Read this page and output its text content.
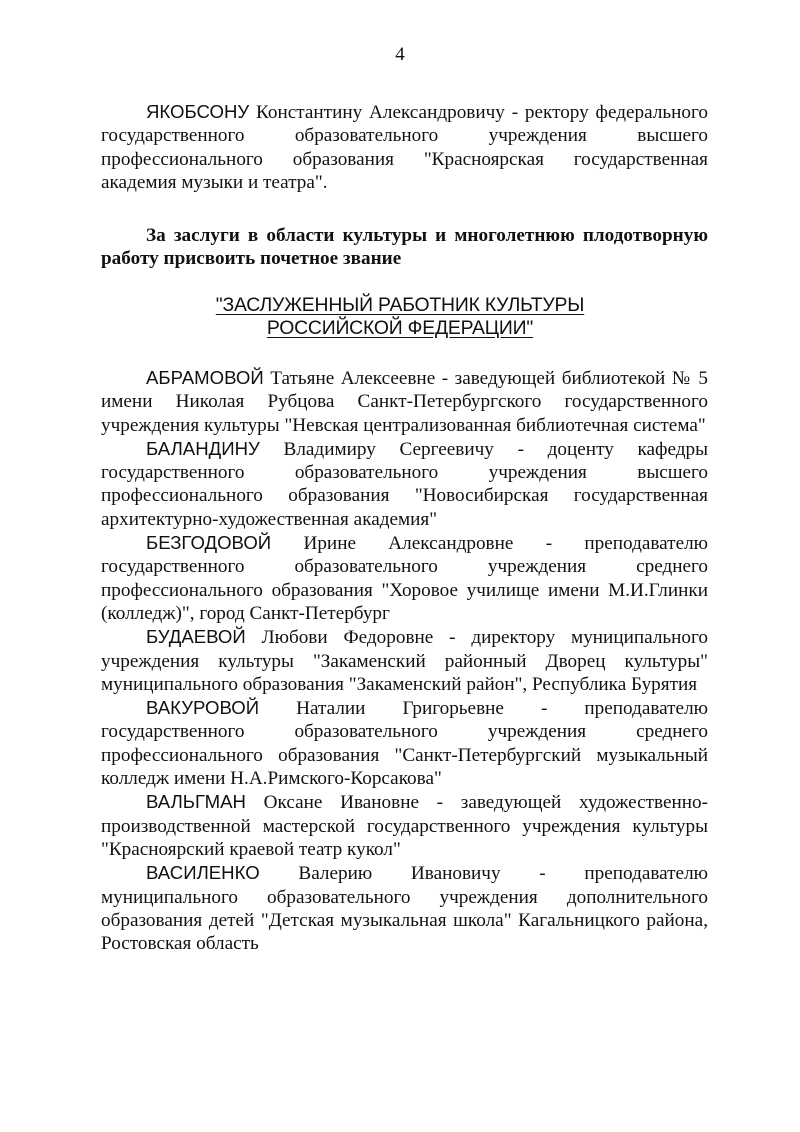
4

ЯКОБСОНУ Константину Александровичу - ректору федерального государственного образовательного учреждения высшего профессионального образования "Красноярская государственная академия музыки и театра".

За заслуги в области культуры и многолетнюю плодотворную работу присвоить почетное звание

"ЗАСЛУЖЕННЫЙ РАБОТНИК КУЛЬТУРЫ
РОССИЙСКОЙ ФЕДЕРАЦИИ"

АБРАМОВОЙ Татьяне Алексеевне - заведующей библиотекой № 5 имени Николая Рубцова Санкт-Петербургского государственного учреждения культуры "Невская централизованная библиотечная система"

БАЛАНДИНУ Владимиру Сергеевичу - доценту кафедры государственного образовательного учреждения высшего профессионального образования "Новосибирская государственная архитектурно-художественная академия"

БЕЗГОДОВОЙ Ирине Александровне - преподавателю государственного образовательного учреждения среднего профессионального образования "Хоровое училище имени М.И.Глинки (колледж)", город Санкт-Петербург

БУДАЕВОЙ Любови Федоровне - директору муниципального учреждения культуры "Закаменский районный Дворец культуры" муниципального образования "Закаменский район", Республика Бурятия

ВАКУРОВОЙ Наталии Григорьевне - преподавателю государственного образовательного учреждения среднего профессионального образования "Санкт-Петербургский музыкальный колледж имени Н.А.Римского-Корсакова"

ВАЛЬГМАН Оксане Ивановне - заведующей художественно-производственной мастерской государственного учреждения культуры "Красноярский краевой театр кукол"

ВАСИЛЕНКО Валерию Ивановичу - преподавателю муниципального образовательного учреждения дополнительного образования детей "Детская музыкальная школа" Кагальницкого района, Ростовская область
